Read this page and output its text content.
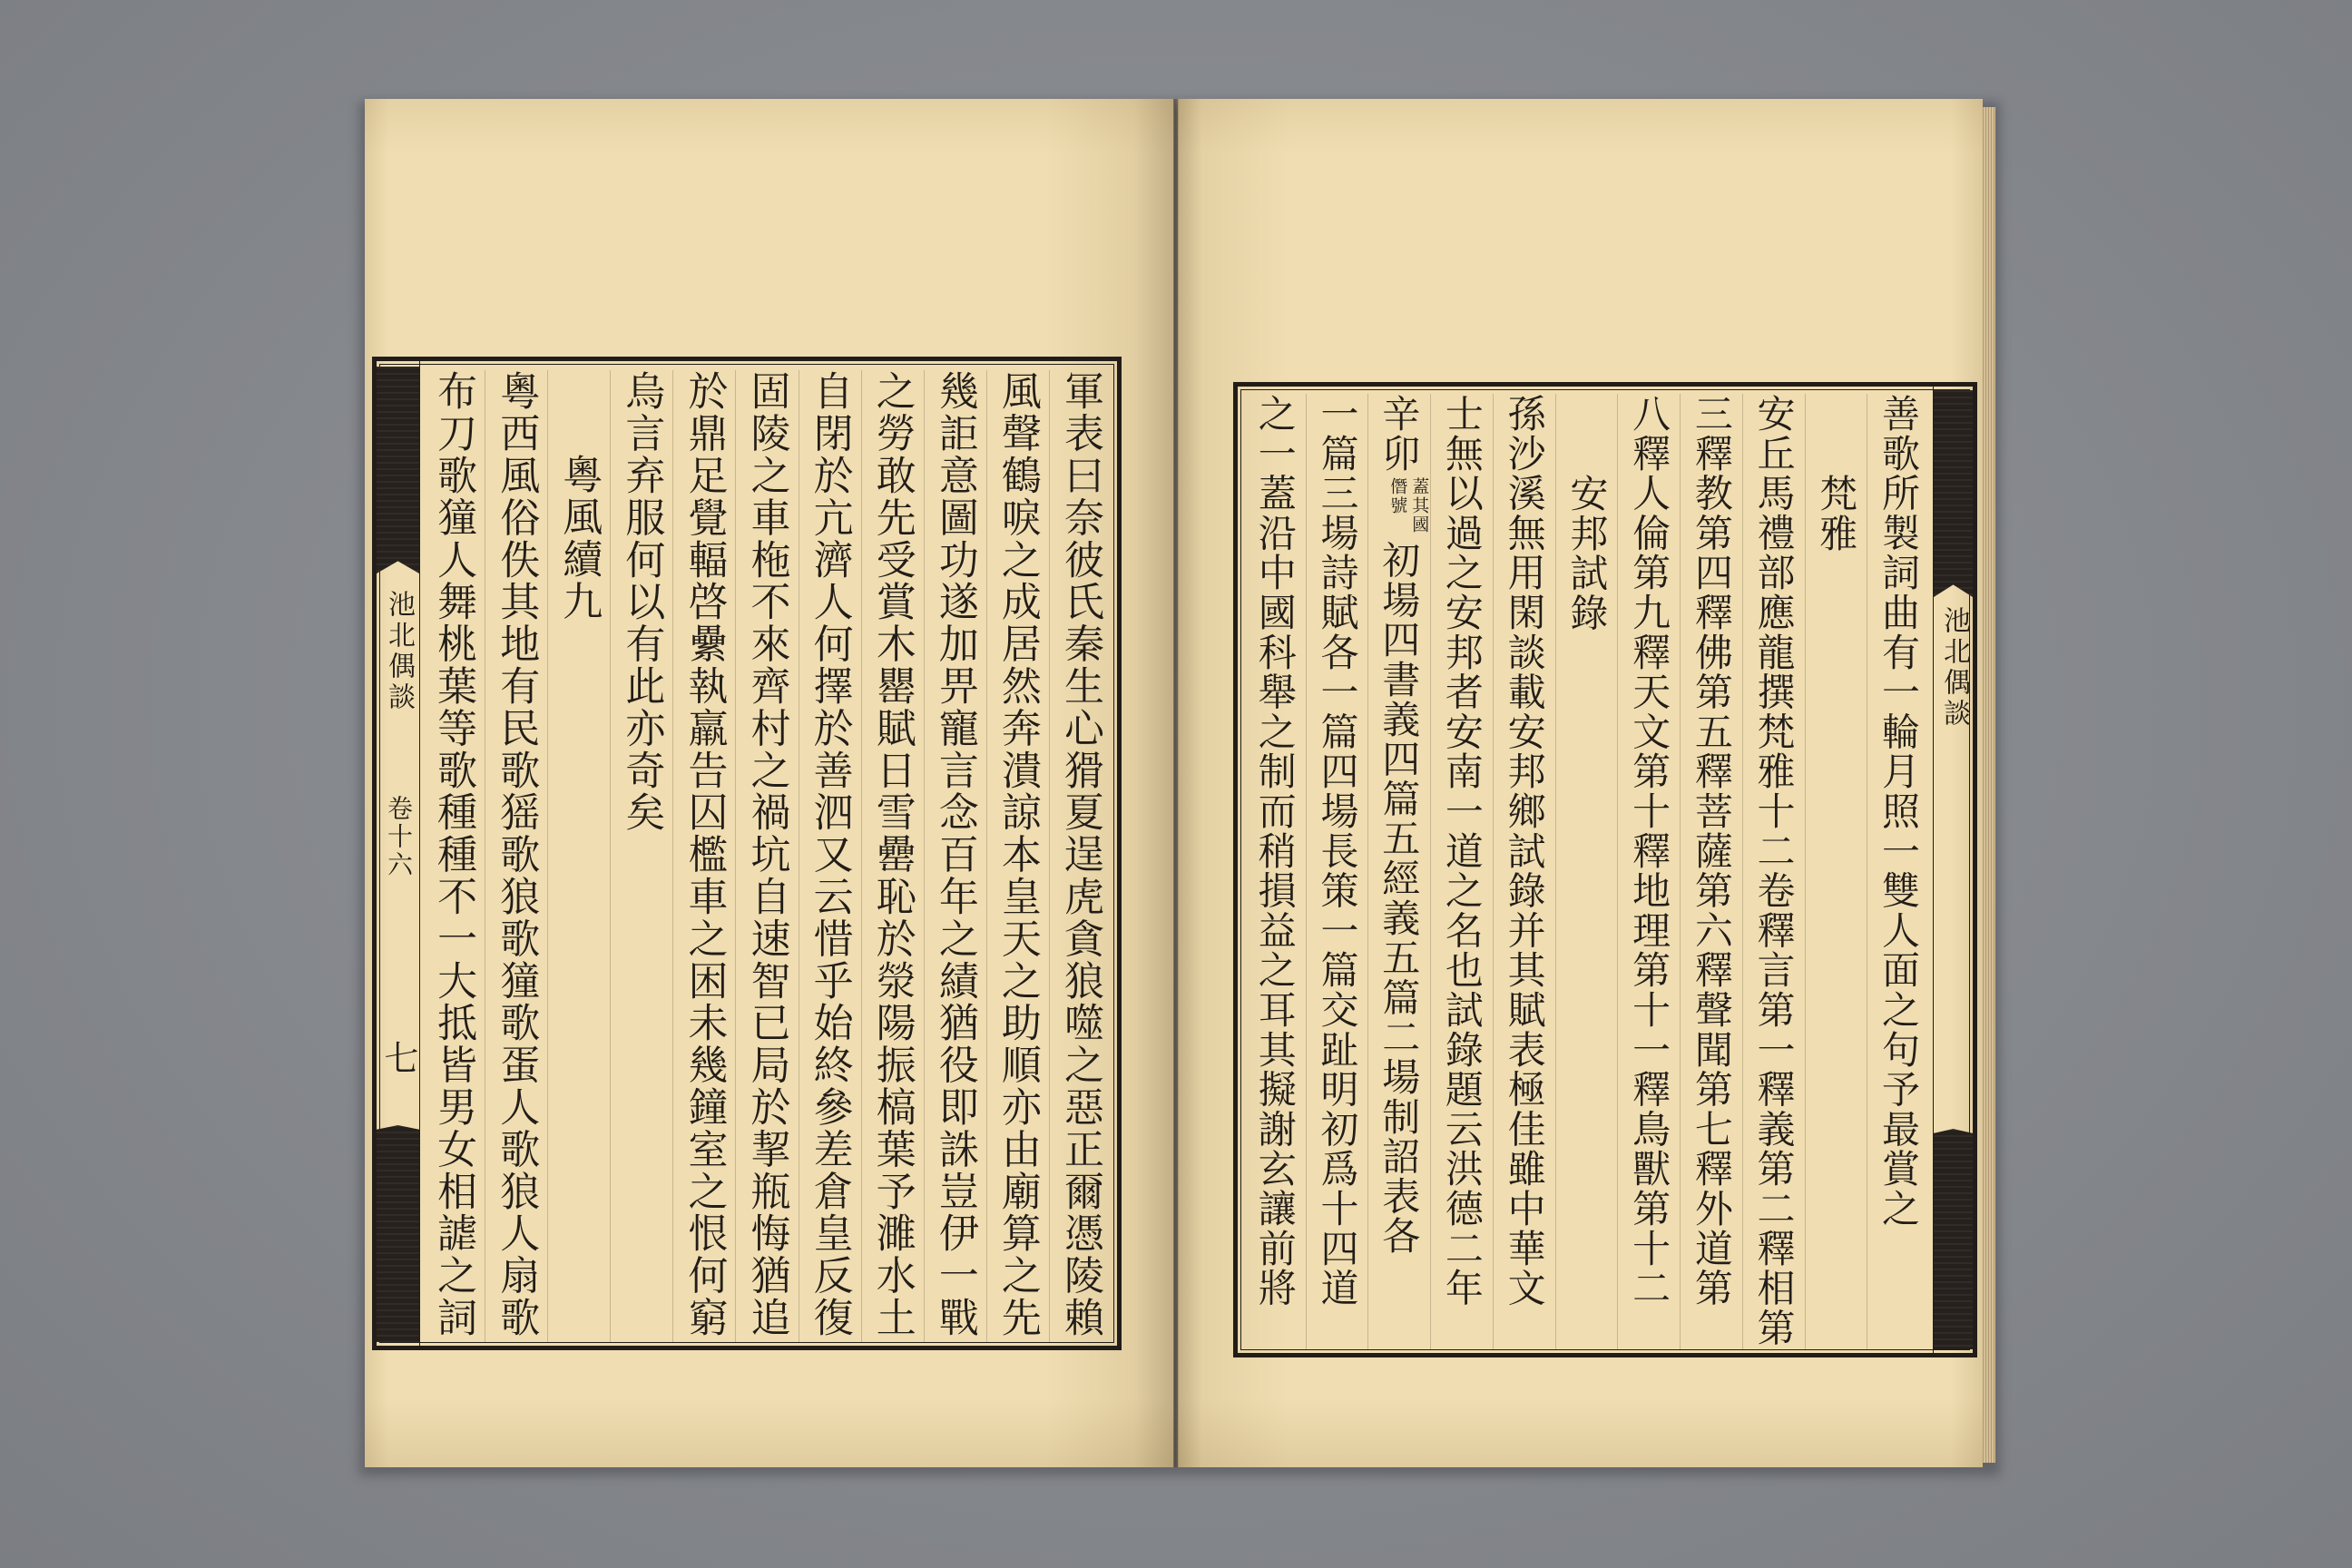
池北偶談
卷十六
七	軍表曰奈彼氏秦生心猾夏逞虎貪狼噬之惡正爾憑陵賴
風聲鶴唳之成居然奔潰諒本皇天之助順亦由廟算之先
幾詎意圖功遂加畀寵言念百年之績猶役即誅豈伊一戰
之勞敢先受賞木罌賦日雪罍恥於滎陽振槁葉予濉水土
自閉於亢濟人何擇於善泗又云惜乎始終參差倉皇反復
固陵之車柂不來齊村之禍坑自速智已局於挈瓶悔猶追
於鼎足覺輻啓纍執羸告囚檻車之困未幾鐘室之恨何窮
烏言弃服何以有此亦奇矣
粵風續九
粵西風俗佚其地有民歌猺歌狼歌獞歌蛋人歌狼人扇歌
布刀歌獞人舞桃葉等歌種種不一大抵皆男女相謔之詞	池北偶談
善歌所製詞曲有一輪月照一雙人面之句予最賞之
梵雅
安丘馬禮部應龍撰梵雅十二卷釋言第一釋義第二釋相第
三釋教第四釋佛第五釋菩薩第六釋聲聞第七釋外道第
八釋人倫第九釋天文第十釋地理第十一釋鳥獸第十二
安邦試錄
孫沙溪無用閑談載安邦鄉試錄并其賦表極佳雖中華文
士無以過之安邦者安南一道之名也試錄題云洪德二年
辛卯蓋其國僭號初場四書義四篇五經義五篇二場制詔表各
一篇三場詩賦各一篇四場長策一篇交趾明初爲十四道
之一蓋沿中國科舉之制而稍損益之耳其擬謝玄讓前將
